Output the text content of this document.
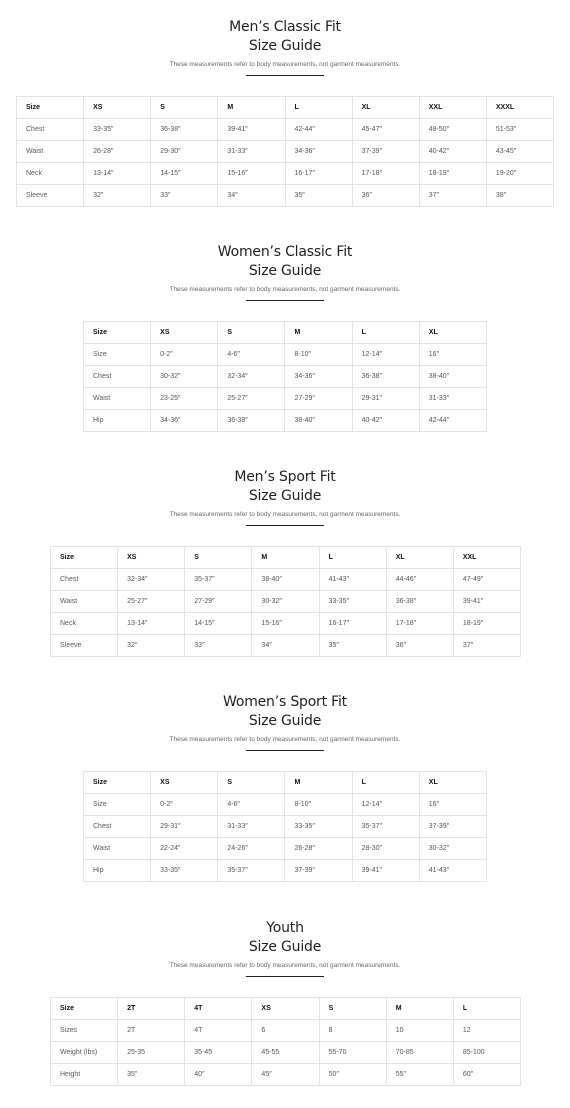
Men’s Classic Fit
Size Guide
These measurements refer to body measurements, not garment measurements.
Size	XS	S	M	L	XL	XXL	XXXL
Chest	33-35″	36-38″	39-41″	42-44″	45-47″	48-50″	51-53″
Waist	26-28″	29-30″	31-33″	34-36″	37-39″	40-42″	43-45″
Neck	13-14″	14-15″	15-16″	16-17″	17-18″	18-19″	19-20″
Sleeve	32″	33″	34″	35″	36″	37″	38″
Women’s Classic Fit
Size Guide
These measurements refer to body measurements, not garment measurements.
Size	XS	S	M	L	XL
Size	0-2″	4-6″	8-10″	12-14″	16″
Chest	30-32″	32-34″	34-36″	36-38″	38-40″
Waist	23-25″	25-27″	27-29″	29-31″	31-33″
Hip	34-36″	36-38″	38-40″	40-42″	42-44″
Men’s Sport Fit
Size Guide
These measurements refer to body measurements, not garment measurements.
Size	XS	S	M	L	XL	XXL
Chest	32-34″	35-37″	38-40″	41-43″	44-46″	47-49″
Waist	25-27″	27-29″	30-32″	33-35″	36-38″	39-41″
Neck	13-14″	14-15″	15-16″	16-17″	17-18″	18-19″
Sleeve	32″	33″	34″	35″	36″	37″
Women’s Sport Fit
Size Guide
These measurements refer to body measurements, not garment measurements.
Size	XS	S	M	L	XL
Size	0-2″	4-6″	8-10″	12-14″	16″
Chest	29-31″	31-33″	33-35″	35-37″	37-39″
Waist	22-24″	24-26″	26-28″	28-30″	30-32″
Hip	33-35″	35-37″	37-39″	39-41″	41-43″
Youth
Size Guide
These measurements refer to body measurements, not garment measurements.
Size	2T	4T	XS	S	M	L
Sizes	2T	4T	6	8	10	12
Weight (lbs)	25-35	35-45	45-55	55-70	70-85	85-100
Height	35″	40″	45″	50″	55″	60″
